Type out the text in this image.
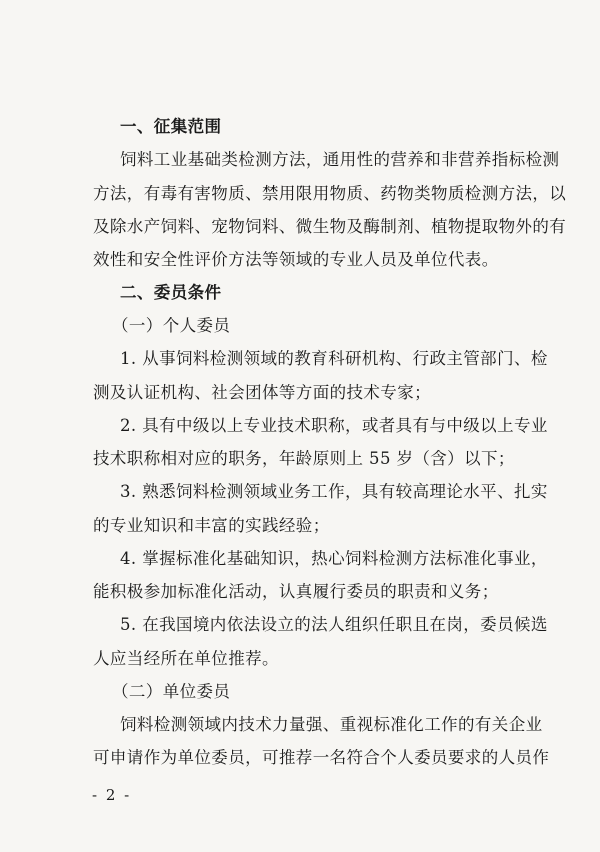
一、征集范围
饲料工业基础类检测方法，通用性的营养和非营养指标检测
方法，有毒有害物质、禁用限用物质、药物类物质检测方法，以
及除水产饲料、宠物饲料、微生物及酶制剂、植物提取物外的有
效性和安全性评价方法等领域的专业人员及单位代表。
二、委员条件
（一）个人委员
1. 从事饲料检测领域的教育科研机构、行政主管部门、检
测及认证机构、社会团体等方面的技术专家；
2. 具有中级以上专业技术职称，或者具有与中级以上专业
技术职称相对应的职务，年龄原则上 55 岁（含）以下；
3. 熟悉饲料检测领域业务工作，具有较高理论水平、扎实
的专业知识和丰富的实践经验；
4. 掌握标准化基础知识，热心饲料检测方法标准化事业，
能积极参加标准化活动，认真履行委员的职责和义务；
5. 在我国境内依法设立的法人组织任职且在岗，委员候选
人应当经所在单位推荐。
（二）单位委员
饲料检测领域内技术力量强、重视标准化工作的有关企业
可申请作为单位委员，可推荐一名符合个人委员要求的人员作
- 2 -
